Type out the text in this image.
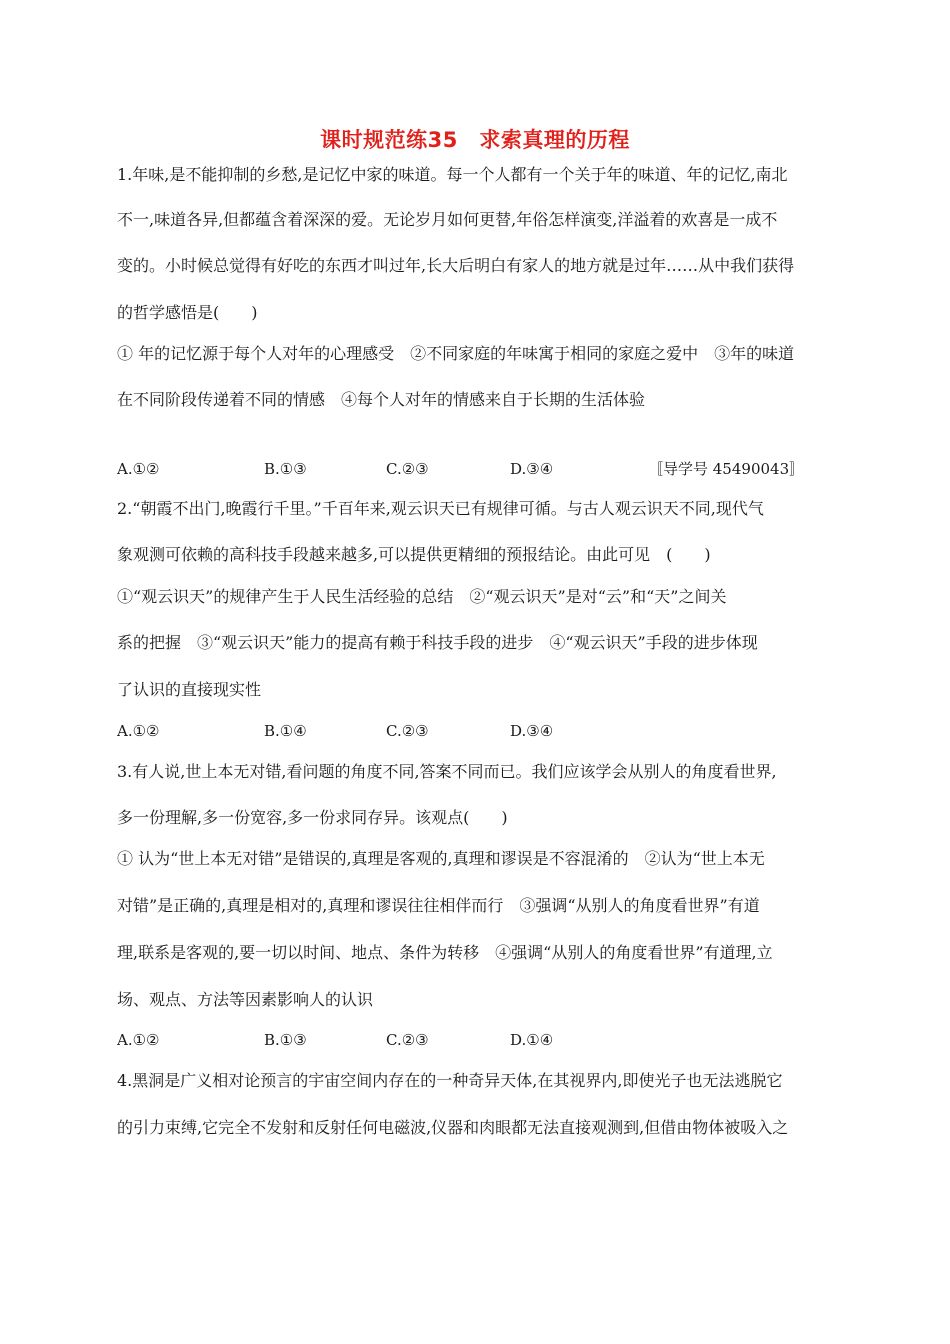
课时规范练35　求索真理的历程
1.年味,是不能抑制的乡愁,是记忆中家的味道。每一个人都有一个关于年的味道、年的记忆,南北
不一,味道各异,但都蕴含着深深的爱。无论岁月如何更替,年俗怎样演变,洋溢着的欢喜是一成不
变的。小时候总觉得有好吃的东西才叫过年,长大后明白有家人的地方就是过年……从中我们获得
的哲学感悟是(　　)
① 年的记忆源于每个人对年的心理感受　②不同家庭的年味寓于相同的家庭之爱中　③年的味道
在不同阶段传递着不同的情感　④每个人对年的情感来自于长期的生活体验
A.①②	B.①③	C.②③	D.③④	〚导学号 45490043〛
2.“朝霞不出门,晚霞行千里。”千百年来,观云识天已有规律可循。与古人观云识天不同,现代气
象观测可依赖的高科技手段越来越多,可以提供更精细的预报结论。由此可见　(　　)
①“观云识天”的规律产生于人民生活经验的总结　②“观云识天”是对“云”和“天”之间关
系的把握　③“观云识天”能力的提高有赖于科技手段的进步　④“观云识天”手段的进步体现
了认识的直接现实性
A.①②	B.①④	C.②③	D.③④
3.有人说,世上本无对错,看问题的角度不同,答案不同而已。我们应该学会从别人的角度看世界,
多一份理解,多一份宽容,多一份求同存异。该观点(　　)
① 认为“世上本无对错”是错误的,真理是客观的,真理和谬误是不容混淆的　②认为“世上本无
对错”是正确的,真理是相对的,真理和谬误往往相伴而行　③强调“从别人的角度看世界”有道
理,联系是客观的,要一切以时间、地点、条件为转移　④强调“从别人的角度看世界”有道理,立
场、观点、方法等因素影响人的认识
A.①②	B.①③	C.②③	D.①④
4.黑洞是广义相对论预言的宇宙空间内存在的一种奇异天体,在其视界内,即使光子也无法逃脱它
的引力束缚,它完全不发射和反射任何电磁波,仪器和肉眼都无法直接观测到,但借由物体被吸入之
